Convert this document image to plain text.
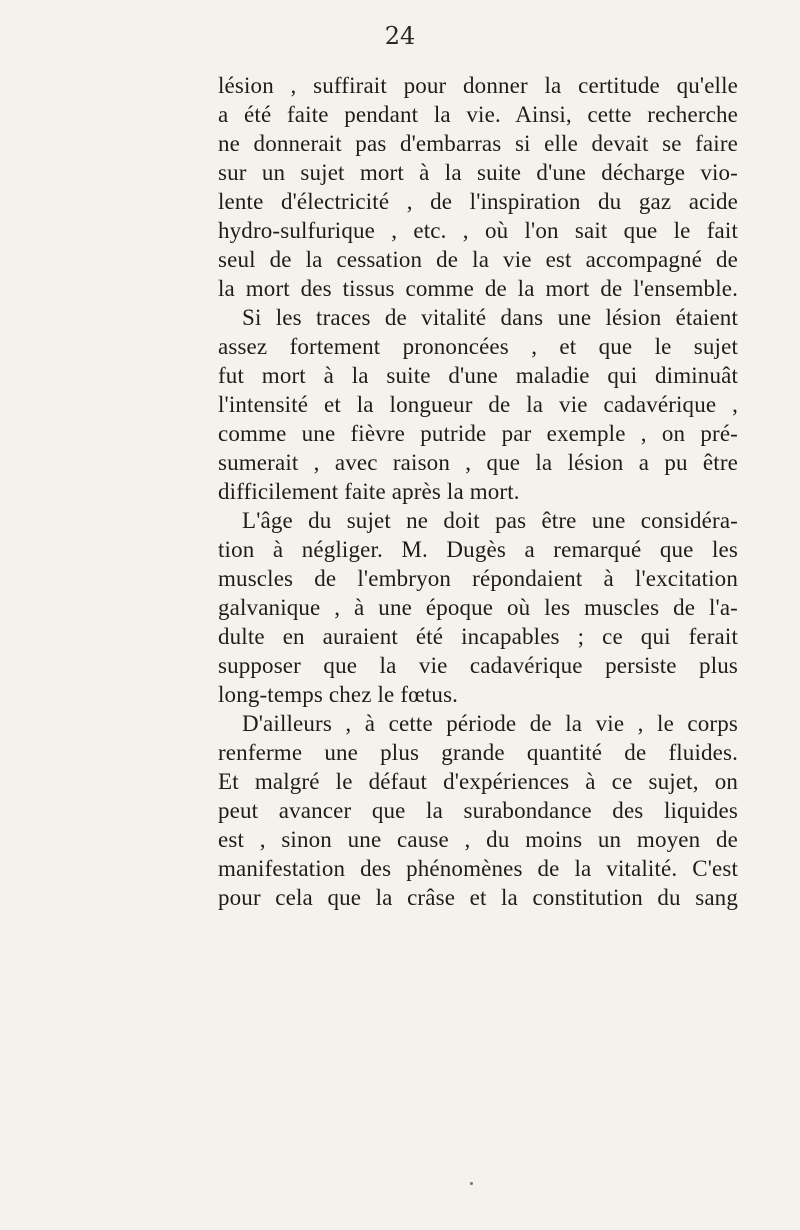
24
lésion , suffirait pour donner la certitude qu'elle
a été faite pendant la vie. Ainsi, cette recherche
ne donnerait pas d'embarras si elle devait se faire
sur un sujet mort à la suite d'une décharge vio-
lente d'électricité , de l'inspiration du gaz acide
hydro-sulfurique , etc. , où l'on sait que le fait
seul de la cessation de la vie est accompagné de
la mort des tissus comme de la mort de l'ensemble.
Si les traces de vitalité dans une lésion étaient
assez fortement prononcées , et que le sujet
fut mort à la suite d'une maladie qui diminuât
l'intensité et la longueur de la vie cadavérique ,
comme une fièvre putride par exemple , on pré-
sumerait , avec raison , que la lésion a pu être
difficilement faite après la mort.
L'âge du sujet ne doit pas être une considéra-
tion à négliger. M. Dugès a remarqué que les
muscles de l'embryon répondaient à l'excitation
galvanique , à une époque où les muscles de l'a-
dulte en auraient été incapables ; ce qui ferait
supposer que la vie cadavérique persiste plus
long-temps chez le fœtus.
D'ailleurs , à cette période de la vie , le corps
renferme une plus grande quantité de fluides.
Et malgré le défaut d'expériences à ce sujet, on
peut avancer que la surabondance des liquides
est , sinon une cause , du moins un moyen de
manifestation des phénomènes de la vitalité. C'est
pour cela que la crâse et la constitution du sang
